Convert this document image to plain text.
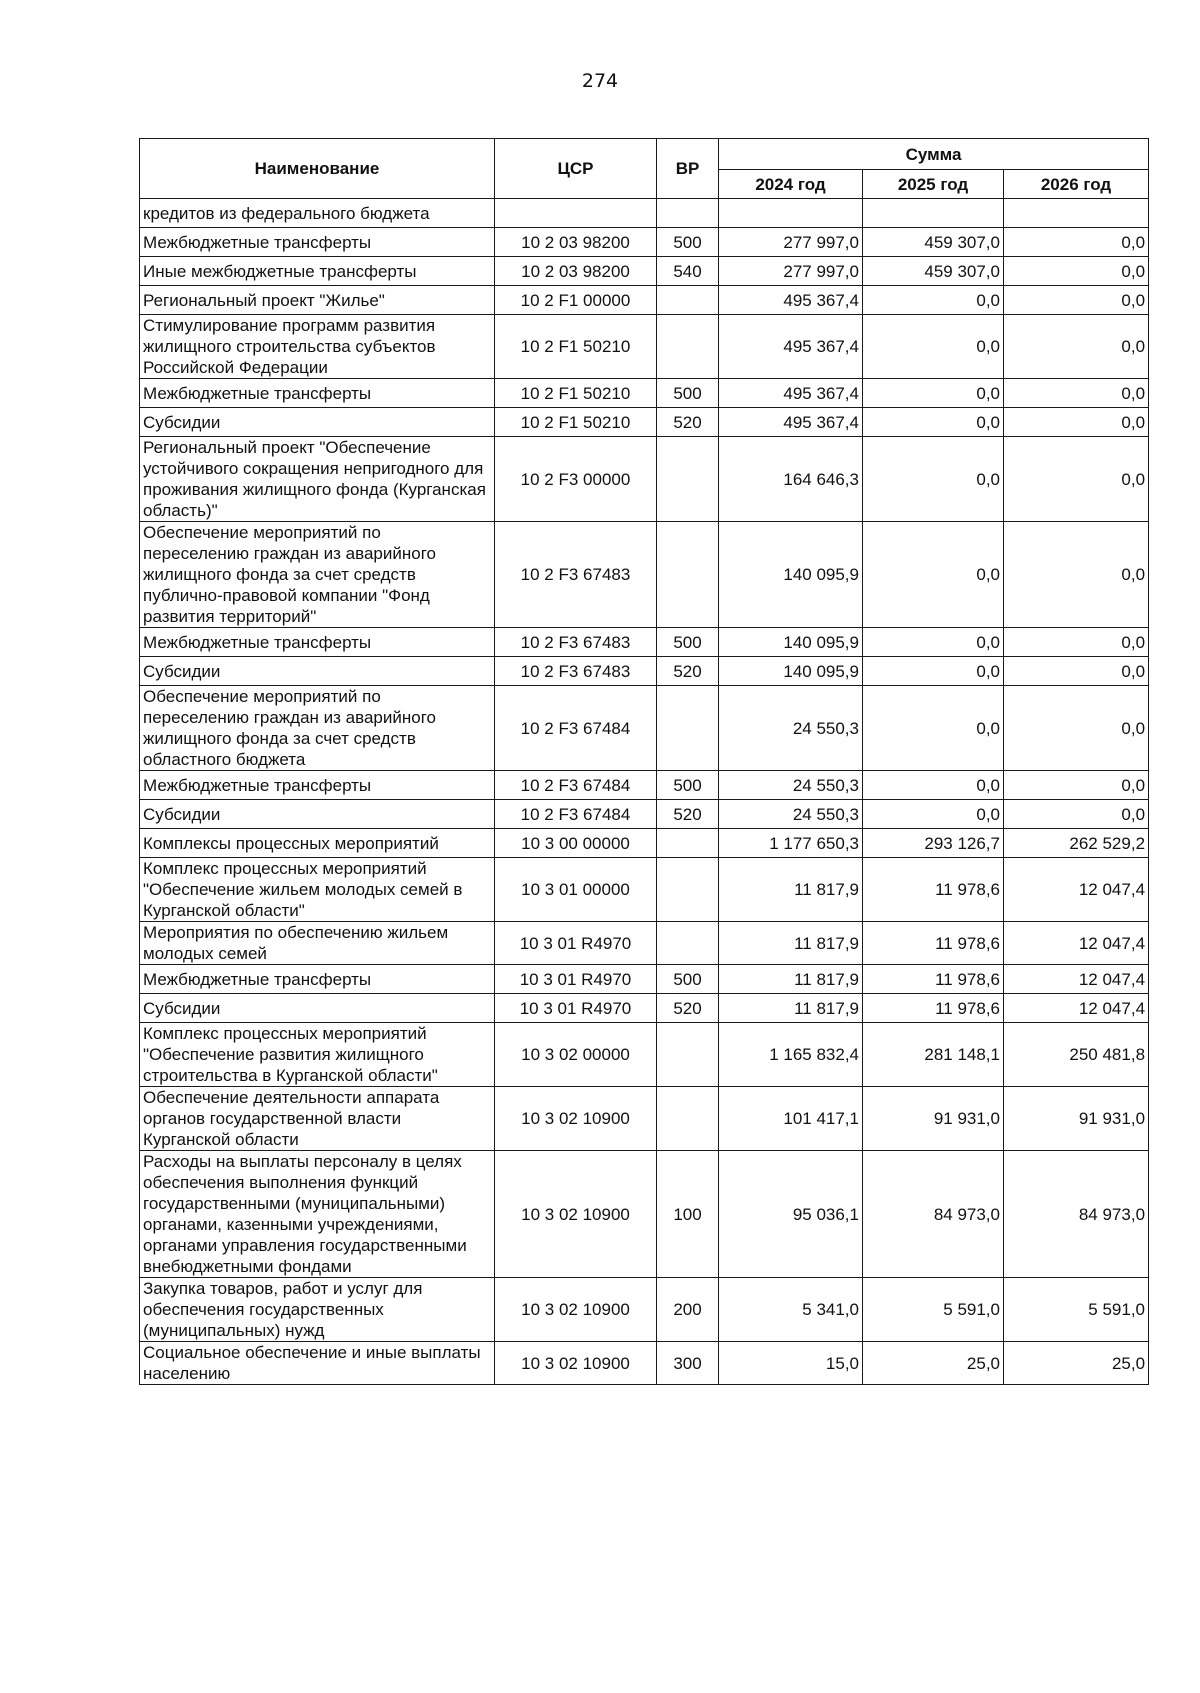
274
Наименование	ЦСР	ВР	Сумма		
			2024 год	2025 год	2026 год
кредитов из федерального бюджета					
Межбюджетные трансферты	10 2 03 98200	500	277 997,0	459 307,0	0,0
Иные межбюджетные трансферты	10 2 03 98200	540	277 997,0	459 307,0	0,0
Региональный проект "Жилье"	10 2 F1 00000		495 367,4	0,0	0,0
Стимулирование программ развития жилищного строительства субъектов Российской Федерации	10 2 F1 50210		495 367,4	0,0	0,0
Межбюджетные трансферты	10 2 F1 50210	500	495 367,4	0,0	0,0
Субсидии	10 2 F1 50210	520	495 367,4	0,0	0,0
Региональный проект "Обеспечение устойчивого сокращения непригодного для проживания жилищного фонда (Курганская область)"	10 2 F3 00000		164 646,3	0,0	0,0
Обеспечение мероприятий по переселению граждан из аварийного жилищного фонда за счет средств публично-правовой компании "Фонд развития территорий"	10 2 F3 67483		140 095,9	0,0	0,0
Межбюджетные трансферты	10 2 F3 67483	500	140 095,9	0,0	0,0
Субсидии	10 2 F3 67483	520	140 095,9	0,0	0,0
Обеспечение мероприятий по переселению граждан из аварийного жилищного фонда за счет средств областного бюджета	10 2 F3 67484		24 550,3	0,0	0,0
Межбюджетные трансферты	10 2 F3 67484	500	24 550,3	0,0	0,0
Субсидии	10 2 F3 67484	520	24 550,3	0,0	0,0
Комплексы процессных мероприятий	10 3 00 00000		1 177 650,3	293 126,7	262 529,2
Комплекс процессных мероприятий "Обеспечение жильем молодых семей в Курганской области"	10 3 01 00000		11 817,9	11 978,6	12 047,4
Мероприятия по обеспечению жильем молодых семей	10 3 01 R4970		11 817,9	11 978,6	12 047,4
Межбюджетные трансферты	10 3 01 R4970	500	11 817,9	11 978,6	12 047,4
Субсидии	10 3 01 R4970	520	11 817,9	11 978,6	12 047,4
Комплекс процессных мероприятий "Обеспечение развития жилищного строительства в Курганской области"	10 3 02 00000		1 165 832,4	281 148,1	250 481,8
Обеспечение деятельности аппарата органов государственной власти Курганской области	10 3 02 10900		101 417,1	91 931,0	91 931,0
Расходы на выплаты персоналу в целях обеспечения выполнения функций государственными (муниципальными) органами, казенными учреждениями, органами управления государственными внебюджетными фондами	10 3 02 10900	100	95 036,1	84 973,0	84 973,0
Закупка товаров, работ и услуг для обеспечения государственных (муниципальных) нужд	10 3 02 10900	200	5 341,0	5 591,0	5 591,0
Социальное обеспечение и иные выплаты населению	10 3 02 10900	300	15,0	25,0	25,0
